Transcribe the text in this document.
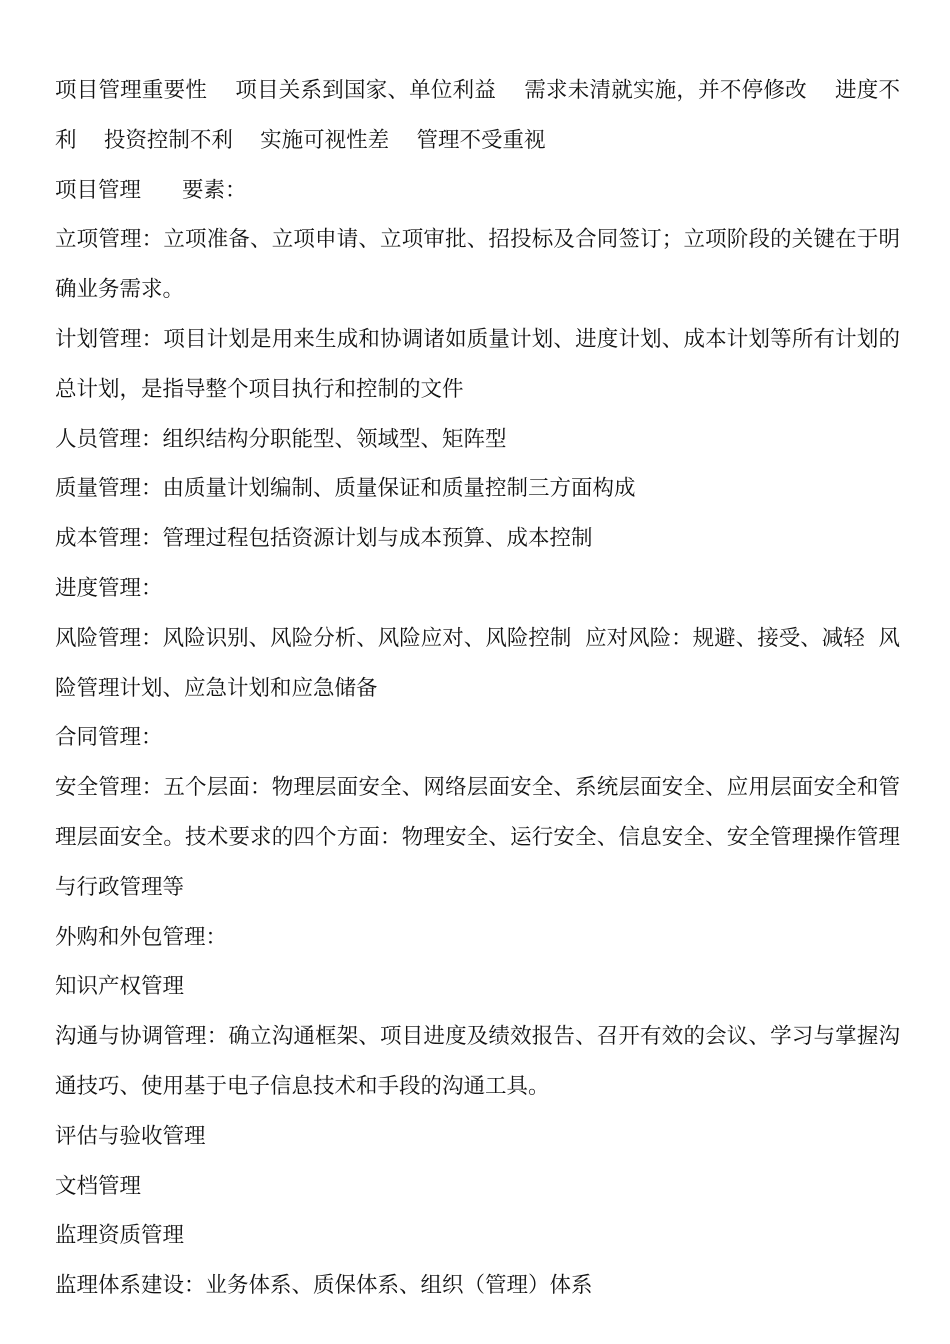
项目管理重要性    项目关系到国家、单位利益    需求未清就实施，并不停修改    进度不利    投资控制不利    实施可视性差    管理不受重视

项目管理      要素：

立项管理：立项准备、立项申请、立项审批、招投标及合同签订；立项阶段的关键在于明确业务需求。

计划管理：项目计划是用来生成和协调诸如质量计划、进度计划、成本计划等所有计划的总计划，是指导整个项目执行和控制的文件

人员管理：组织结构分职能型、领域型、矩阵型

质量管理：由质量计划编制、质量保证和质量控制三方面构成

成本管理：管理过程包括资源计划与成本预算、成本控制

进度管理：

风险管理：风险识别、风险分析、风险应对、风险控制  应对风险：规避、接受、减轻  风险管理计划、应急计划和应急储备

合同管理：

安全管理：五个层面：物理层面安全、网络层面安全、系统层面安全、应用层面安全和管理层面安全。技术要求的四个方面：物理安全、运行安全、信息安全、安全管理操作管理与行政管理等

外购和外包管理：

知识产权管理

沟通与协调管理：确立沟通框架、项目进度及绩效报告、召开有效的会议、学习与掌握沟通技巧、使用基于电子信息技术和手段的沟通工具。

评估与验收管理

文档管理

监理资质管理

监理体系建设：业务体系、质保体系、组织（管理）体系
